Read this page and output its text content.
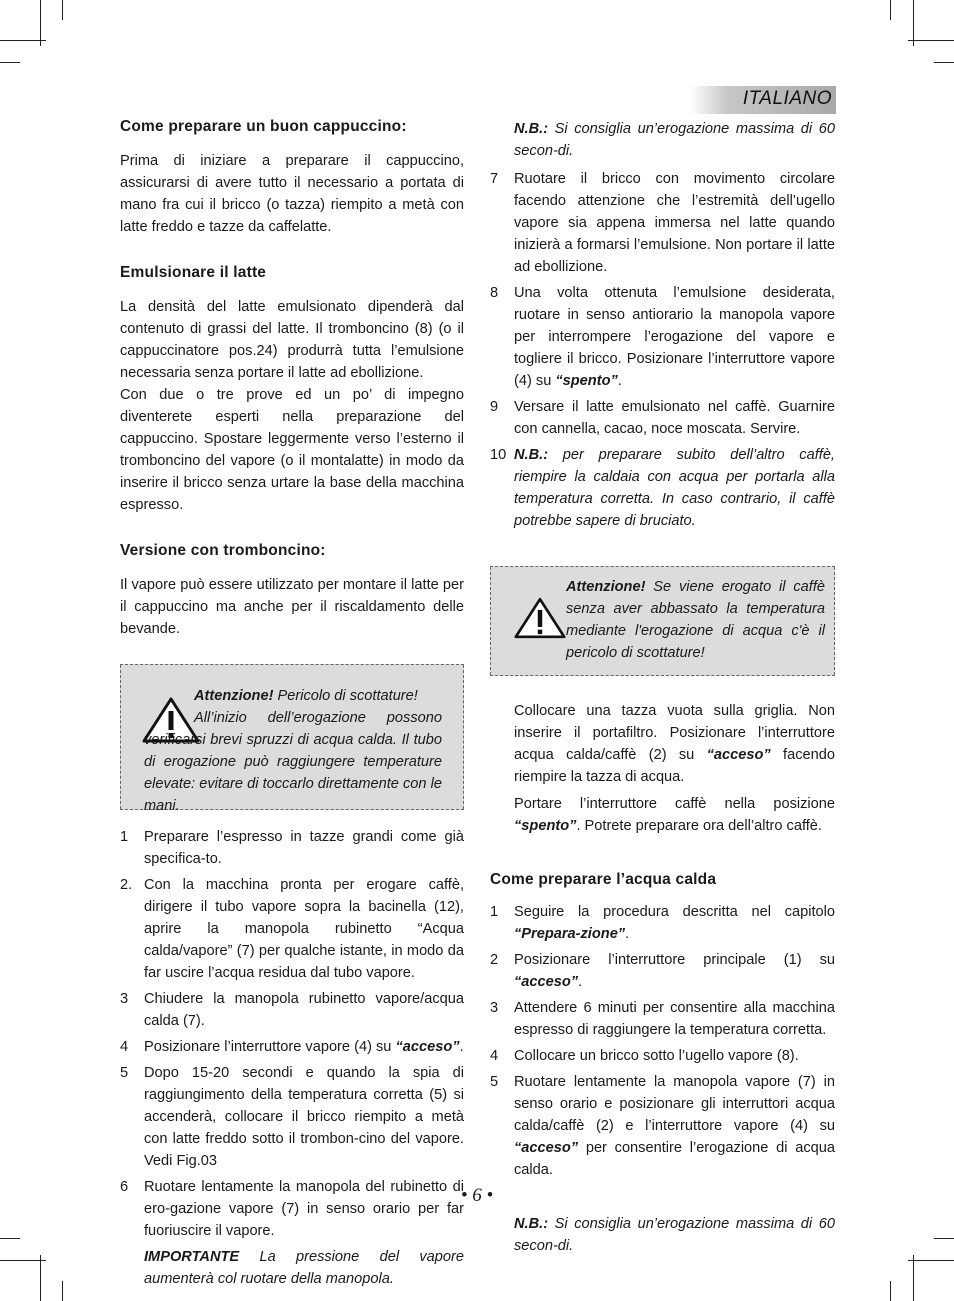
ITALIANO
Come preparare un buon cappuccino:

Prima di iniziare a preparare il cappuccino, assicurarsi di avere tutto il necessario a portata di mano fra cui il bricco (o tazza) riempito a metà con latte freddo e tazze da caffelatte.

Emulsionare il latte

La densità del latte emulsionato dipenderà dal contenuto di grassi del latte. Il tromboncino (8) (o il cappuccinatore pos.24) produrrà tutta l’emulsione necessaria senza portare il latte ad ebollizione.

Con due o tre prove ed un po’ di impegno diventerete esperti nella preparazione del cappuccino. Spostare leggermente verso l’esterno il tromboncino del vapore (o il montalatte) in modo da inserire il bricco senza urtare la base della macchina espresso.

Versione con tromboncino:

Il vapore può essere utilizzato per montare il latte per il cappuccino ma anche per il riscaldamento delle bevande.

Attenzione! Pericolo di scottature!

All’inizio dell’erogazione possono verificarsi brevi spruzzi di acqua calda. Il tubo di erogazione può raggiungere temperature elevate: evitare di toccarlo direttamente con le mani.

1	Preparare l’espresso in tazze grandi come già specifica-to.
2. Con la macchina pronta per erogare caffè, dirigere il tubo vapore sopra la bacinella (12), aprire la manopola rubinetto “Acqua calda/vapore” (7) per qualche istante, in modo da far uscire l’acqua residua dal tubo vapore.
3	Chiudere la manopola rubinetto vapore/acqua calda (7).
4	Posizionare l’interruttore vapore (4) su “acceso”.
5	Dopo 15-20 secondi e quando la spia di raggiungimento della temperatura corretta (5) si accenderà, collocare il bricco riempito a metà con latte freddo sotto il trombon-cino del vapore. Vedi Fig.03
6	Ruotare lentamente la manopola del rubinetto di ero-gazione vapore (7) in senso orario per far fuoriuscire il vapore.

IMPORTANTE La pressione del vapore aumenterà col ruotare della manopola.

N.B.: Si consiglia un’erogazione massima di 60 secon-di.

7	Ruotare il bricco con movimento circolare facendo attenzione che l’estremità dell’ugello vapore sia appena immersa nel latte quando inizierà a formarsi l’emulsione. Non portare il latte ad ebollizione.
8	Una volta ottenuta l’emulsione desiderata, ruotare in senso antiorario la manopola vapore per interrompere l’erogazione del vapore e togliere il bricco. Posizionare l’interruttore vapore (4) su “spento”.
9	Versare il latte emulsionato nel caffè. Guarnire con cannella, cacao, noce moscata. Servire.
10 N.B.: per preparare subito dell’altro caffè, riempire la caldaia con acqua per portarla alla temperatura corretta. In caso contrario, il caffè potrebbe sapere di bruciato.

Attenzione! Se viene erogato il caffè senza aver abbassato la temperatura mediante l'erogazione di acqua c'è il pericolo di scottature!

Collocare una tazza vuota sulla griglia. Non inserire il portafiltro. Posizionare l’interruttore acqua calda/caffè (2) su “acceso” facendo riempire la tazza di acqua.

Portare l’interruttore caffè nella posizione “spento”. Potrete preparare ora dell’altro caffè.

Come preparare l’acqua calda
1	Seguire la procedura descritta nel capitolo “Prepara-zione”.
2	Posizionare l’interruttore principale (1) su “acceso”.
3	Attendere 6 minuti per consentire alla macchina espresso di raggiungere la temperatura corretta.
4	Collocare un bricco sotto l’ugello vapore (8).
5	Ruotare lentamente la manopola vapore (7) in senso orario e posizionare gli interruttori acqua calda/caffè (2) e l’interruttore vapore (4) su “acceso” per consentire l’erogazione di acqua calda.

N.B.: Si consiglia un’erogazione massima di 60 secon-di.

• 6 •
